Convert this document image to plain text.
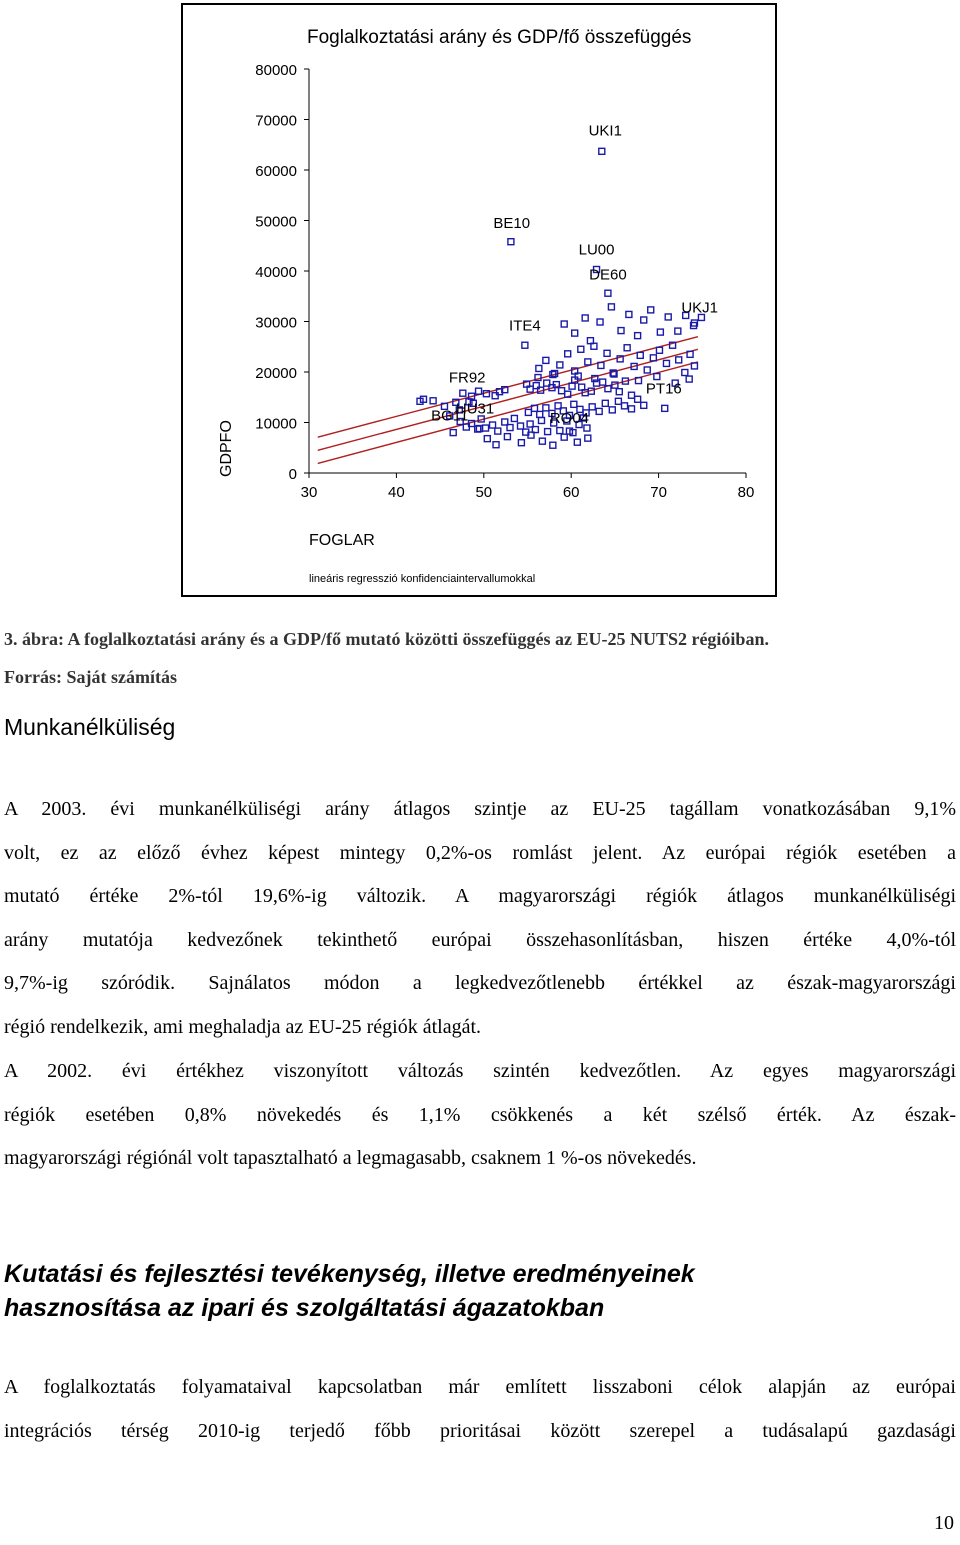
UKI1
BE10
LU00
DE60
UKJ1
ITE4
FR92
PT16
HU31
BG11	RO04
0
10000
20000
30000
40000
50000
60000
70000
80000
30	40	50	60	70	80
Foglalkoztatási arány és GDP/fő összefüggés
GDPFO
FOGLAR
lineáris regresszió konfidenciaintervallumokkal
3. ábra: A foglalkoztatási arány és a GDP/fő mutató közötti összefüggés az EU-25 NUTS2 régióiban.
Forrás: Saját számítás
Munkanélküliség
A 2003. évi munkanélküliségi arány átlagos szintje az EU-25 tagállam vonatkozásában 9,1%
volt, ez az előző évhez képest mintegy 0,2%-os romlást jelent. Az európai régiók esetében a
mutató értéke 2%-tól 19,6%-ig változik. A magyarországi régiók átlagos munkanélküliségi
arány mutatója kedvezőnek tekinthető európai összehasonlításban, hiszen értéke 4,0%-tól
9,7%-ig szóródik. Sajnálatos módon a legkedvezőtlenebb értékkel az észak-magyarországi
régió rendelkezik, ami meghaladja az EU-25 régiók átlagát.
A 2002. évi értékhez viszonyított változás szintén kedvezőtlen. Az egyes magyarországi
régiók esetében 0,8% növekedés és 1,1% csökkenés a két szélső érték. Az észak-
magyarországi régiónál volt tapasztalható a legmagasabb, csaknem 1 %-os növekedés.
Kutatási és fejlesztési tevékenység, illetve eredményeinek
hasznosítása az ipari és szolgáltatási ágazatokban
A foglalkoztatás folyamataival kapcsolatban már említett lisszaboni célok alapján az európai
integrációs térség 2010-ig terjedő főbb prioritásai között szerepel a tudásalapú gazdasági
10
